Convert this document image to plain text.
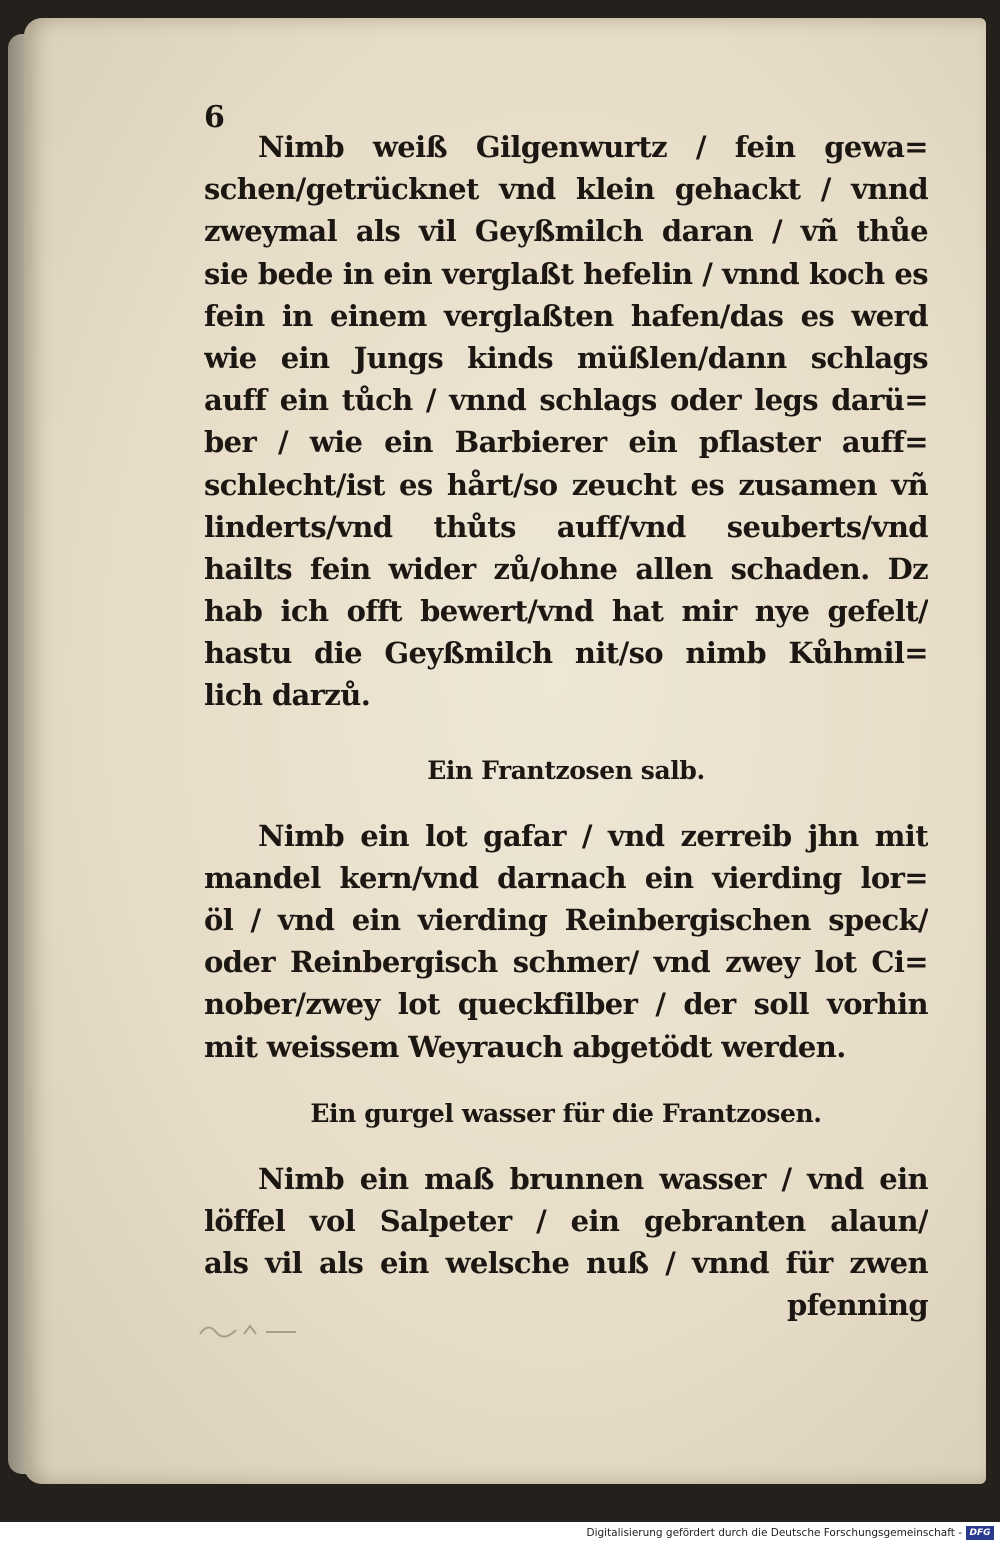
6
Nimb weiß Gilgenwurtz / fein gewa=
schen/getrücknet vnd klein gehackt / vnnd
zweymal als vil Geyßmilch daran / vñ thůe
sie bede in ein verglaßt hefelin / vnnd koch es
fein in einem verglaßten hafen/das es werd
wie ein Jungs kinds müßlen/dann schlags
auff ein tůch / vnnd schlags oder legs darü=
ber / wie ein Barbierer ein pflaster auff=
schlecht/ist es hårt/so zeucht es zusamen vñ
linderts/vnd thůts auff/vnd seuberts/vnd
hailts fein wider zů/ohne allen schaden. Dz
hab ich offt bewert/vnd hat mir nye gefelt/
hastu die Geyßmilch nit/so nimb Kůhmil=
lich darzů.
Ein Frantzosen salb.
Nimb ein lot gafar / vnd zerreib jhn mit
mandel kern/vnd darnach ein vierding lor=
öl / vnd ein vierding Reinbergischen speck/
oder Reinbergisch schmer/ vnd zwey lot Ci=
nober/zwey lot queckfilber / der soll vorhin
mit weissem Weyrauch abgetödt werden.
Ein gurgel wasser für die Frantzosen.
Nimb ein maß brunnen wasser / vnd ein
löffel vol Salpeter / ein gebranten alaun/
als vil als ein welsche nuß / vnnd für zwen
pfenning
Digitalisierung gefördert durch die Deutsche Forschungsgemeinschaft - DFG
